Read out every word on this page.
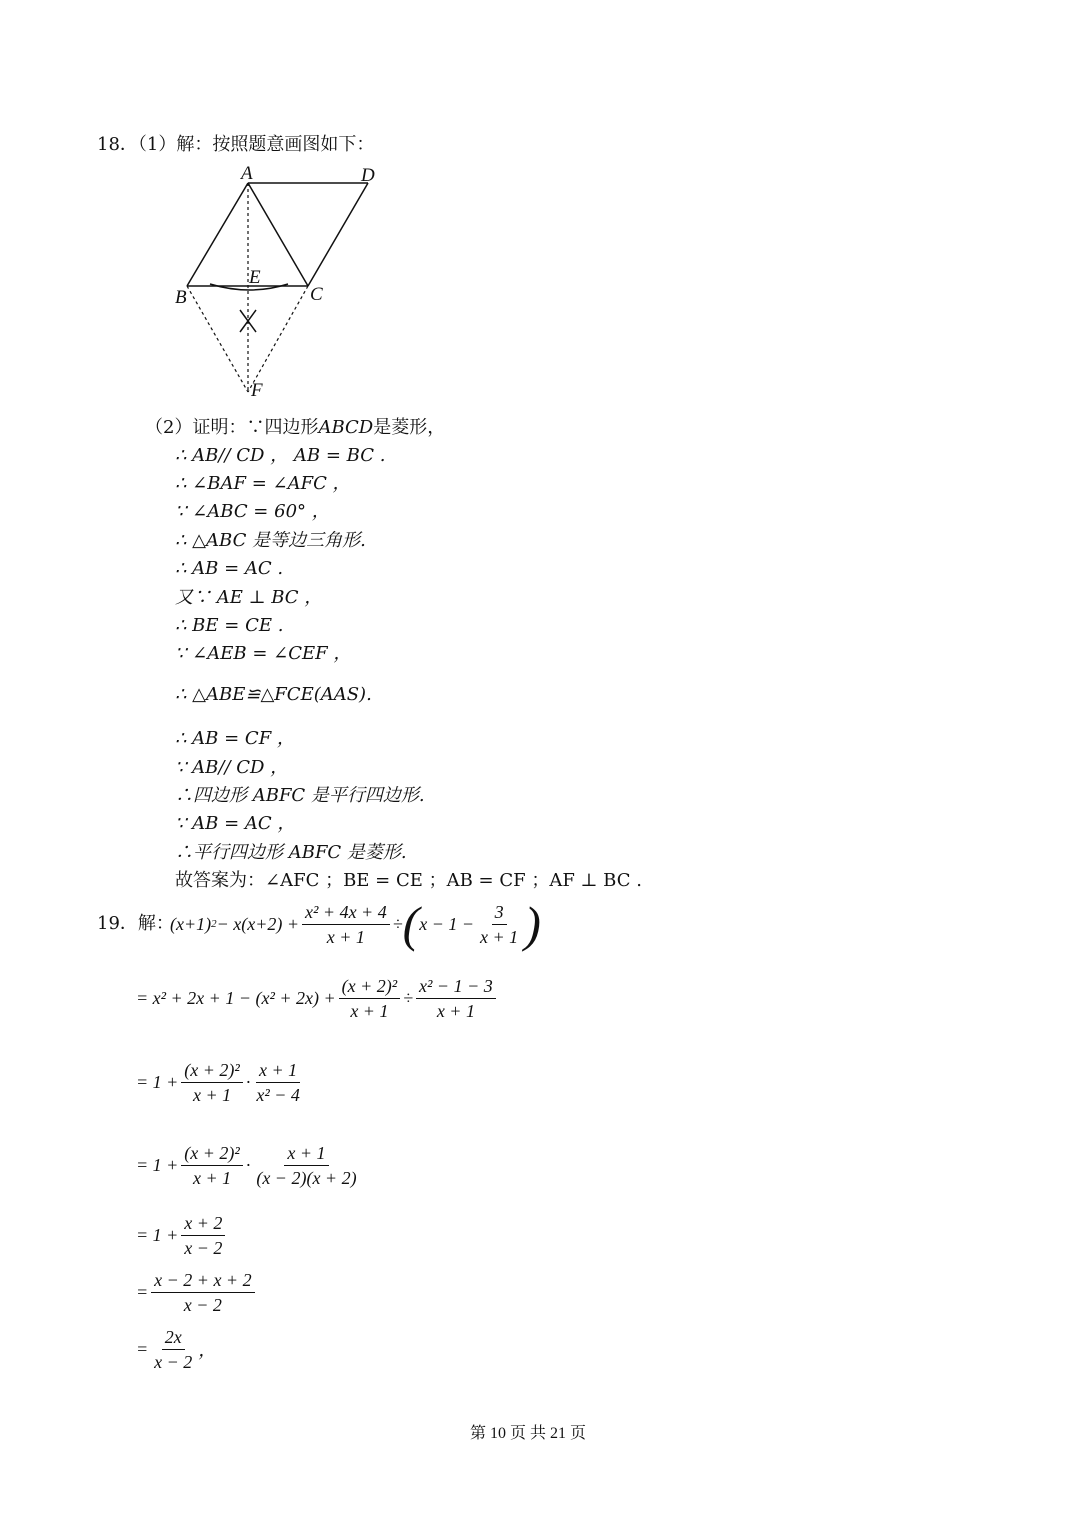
18．（1）解：按照题意画图如下：
A	D
B	C
E
F
（2）证明：∵四边形ABCD是菱形，
∴ AB// CD ， AB = BC .
∴ ∠BAF = ∠AFC ，
∵ ∠ABC = 60° ，
∴ △ABC 是等边三角形.
∴ AB = AC .
又∵ AE ⊥ BC ，
∴ BE = CE .
∵ ∠AEB = ∠CEF ，
∴ △ABE≌△FCE(AAS).
∴ AB = CF ，
∵ AB// CD ，
∴四边形 ABFC 是平行四边形.
∵ AB = AC ，
∴平行四边形 ABFC 是菱形.
故答案为：∠AFC ；BE = CE ；AB = CF ；AF ⊥ BC .
19．解：
(x+1) $2 - x(x+2) + \frac{\text{x² + 4x + 4}}{x + 1}$ ÷ ( $x - 1 - \frac{3}{x + 1}$ )
= $x^2 + 2x + 1 - (x^2 + 2x) + \frac{\text{(x + 2)²}}{x + 1} \div \frac{\text{x² − 1 − 3}}{x + 1}$
= $1 + \frac{\text{(x + 2)²}}{x + 1} \cdot \frac{x + 1}{\text{x² − 4}}$
= $1 + \frac{\text{(x + 2)²}}{x + 1} \cdot \frac{x + 1}{(x - 2)(x + 2)}$
= $1 + \frac{x + 2}{x - 2}$
= $\frac{x - 2 + x + 2}{x - 2}$
= $\frac{2x}{x - 2}$ ，
第 10 页 共 21 页
